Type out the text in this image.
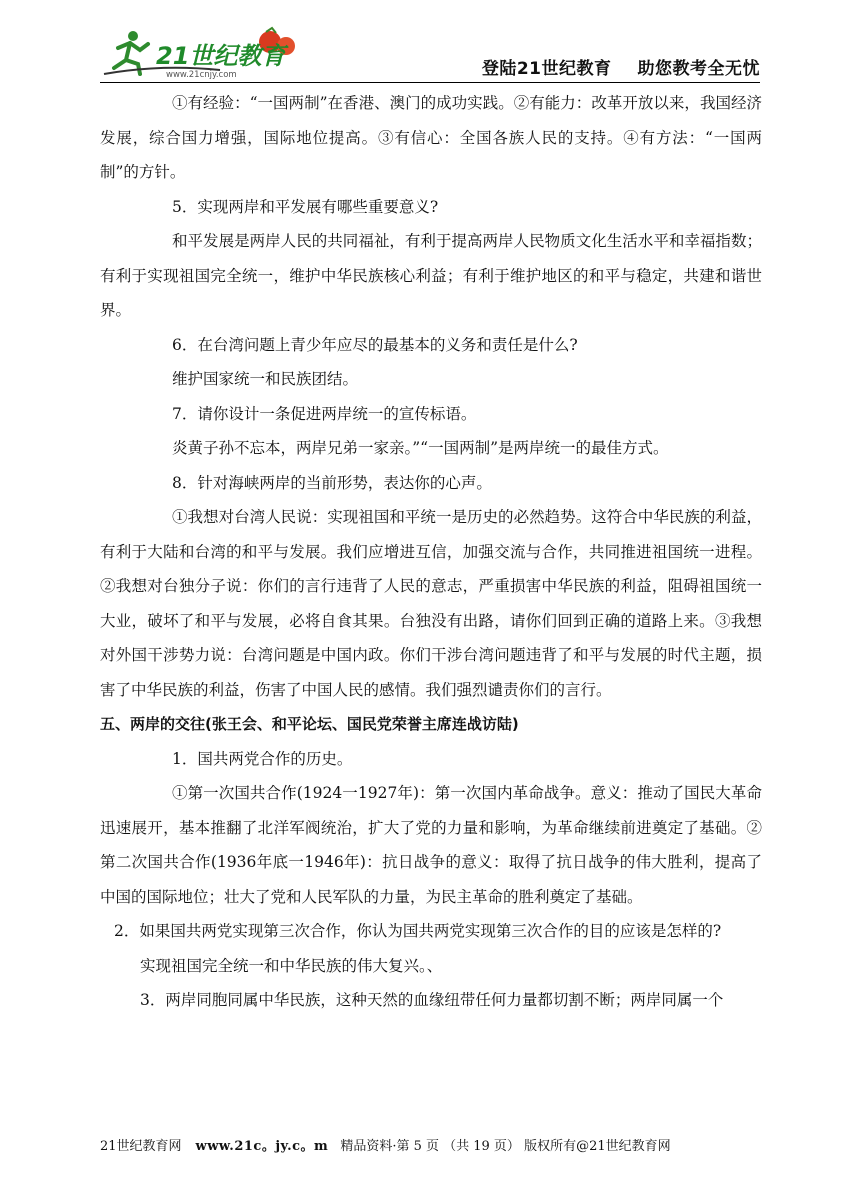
21世纪教育
www.21cnjy.com	登陆21世纪教育 助您教考全无忧

①有经验：“一国两制”在香港、澳门的成功实践。②有能力：改革开放以来，我国经济发展，综合国力增强，国际地位提高。③有信心：全国各族人民的支持。④有方法：“一国两制”的方针。

5．实现两岸和平发展有哪些重要意义?

和平发展是两岸人民的共同福祉，有利于提高两岸人民物质文化生活水平和幸福指数；有利于实现祖国完全统一，维护中华民族核心利益；有利于维护地区的和平与稳定，共建和谐世界。

6．在台湾问题上青少年应尽的最基本的义务和责任是什么?

维护国家统一和民族团结。

7．请你设计一条促进两岸统一的宣传标语。

炎黄子孙不忘本，两岸兄弟一家亲。”“一国两制”是两岸统一的最佳方式。

8．针对海峡两岸的当前形势，表达你的心声。

①我想对台湾人民说：实现祖国和平统一是历史的必然趋势。这符合中华民族的利益，有利于大陆和台湾的和平与发展。我们应增进互信，加强交流与合作，共同推进祖国统一进程。②我想对台独分子说：你们的言行违背了人民的意志，严重损害中华民族的利益，阻碍祖国统一大业，破坏了和平与发展，必将自食其果。台独没有出路，请你们回到正确的道路上来。③我想对外国干涉势力说：台湾问题是中国内政。你们干涉台湾问题违背了和平与发展的时代主题，损害了中华民族的利益，伤害了中国人民的感情。我们强烈谴责你们的言行。

五、两岸的交往(张王会、和平论坛、国民党荣誉主席连战访陆)

1．国共两党合作的历史。

①第一次国共合作(1924一1927年)：第一次国内革命战争。意义：推动了国民大革命迅速展开，基本推翻了北洋军阀统治，扩大了党的力量和影响，为革命继续前进奠定了基础。②第二次国共合作(1936年底一1946年)：抗日战争的意义：取得了抗日战争的伟大胜利，提高了中国的国际地位；壮大了党和人民军队的力量，为民主革命的胜利奠定了基础。

2．如果国共两党实现第三次合作，你认为国共两党实现第三次合作的目的应该是怎样的?

实现祖国完全统一和中华民族的伟大复兴。、

3．两岸同胞同属中华民族，这种天然的血缘纽带任何力量都切割不断；两岸同属一个

21世纪教育网 www.21c。jy.c。m 精品资料·第 5 页 （共 19 页） 版权所有@21世纪教育网
